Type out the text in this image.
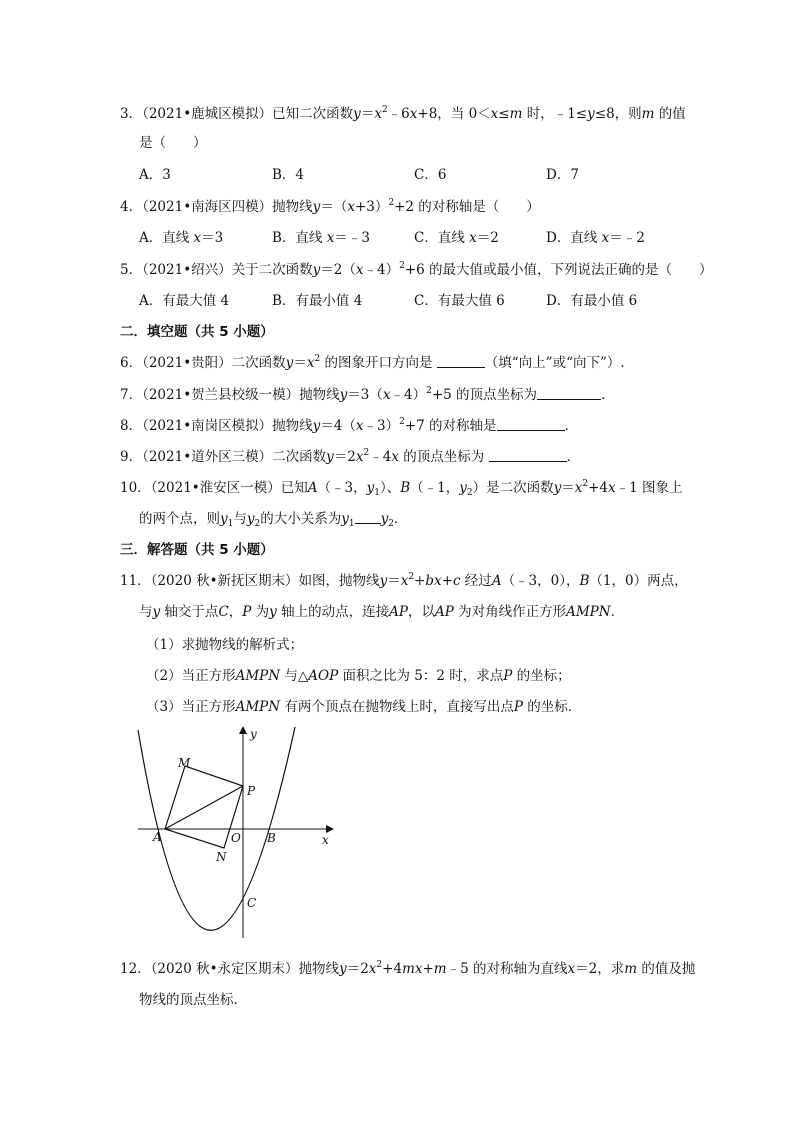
3．（2021•鹿城区模拟）已知二次函数$y=x^2﹣6x+8$，当 0＜x≤m 时，﹣1≤y≤8，则m 的值
是（　　）
A．3	B．4	C．6	D．7
4．（2021•南海区四模）抛物线$y=(x+3)^2+2$ 的对称轴是（　　）
A．直线 x＝3	B．直线 x＝﹣3	C．直线 x＝2	D．直线 x＝﹣2
5．（2021•绍兴）关于二次函数y＝2（x﹣4）$^2$+6 的最大值或最小值，下列说法正确的是（　　）
A．有最大值 4	B．有最小值 4	C．有最大值 6	D．有最小值 6
二．填空题（共 5 小题）
6．（2021•贵阳）二次函数$y=x^2$ 的图象开口方向是	（填“向上”或“向下”）.
7．（2021•贺兰县校级一模）抛物线y＝3（x﹣4）$^2$+5 的顶点坐标为	．
8．（2021•南岗区模拟）抛物线y＝4（x﹣3）$^2$+7 的对称轴是	．
9．（2021•道外区三模）二次函数$y=2x^2﹣4x$ 的顶点坐标为	．
10．（2021•淮安区一模）已知A（﹣3，$y_1$）、B（﹣1，$y_2$）是二次函数$y=x^2+4x﹣1$ 图象上
的两个点，则$y_1$与$y_2$的大小关系为$y_1$ $y_2$．
三．解答题（共 5 小题）
11．（2020 秋•新抚区期末）如图，抛物线$y=x^2+bx+c$ 经过A（﹣3，0），B（1，0）两点，
与y 轴交于点C，P 为y 轴上的动点，连接AP，以AP 为对角线作正方形AMPN．
（1）求抛物线的解析式；
（2）当正方形AMPN 与△AOP 面积之比为 5：2 时，求点P 的坐标；
（3）当正方形AMPN 有两个顶点在抛物线上时，直接写出点P 的坐标．
y
x
M
P
A	O B
N
C
12．（2020 秋•永定区期末）抛物线$y=2x^2+4mx+m﹣5$ 的对称轴为直线x＝2，求m 的值及抛
物线的顶点坐标．
